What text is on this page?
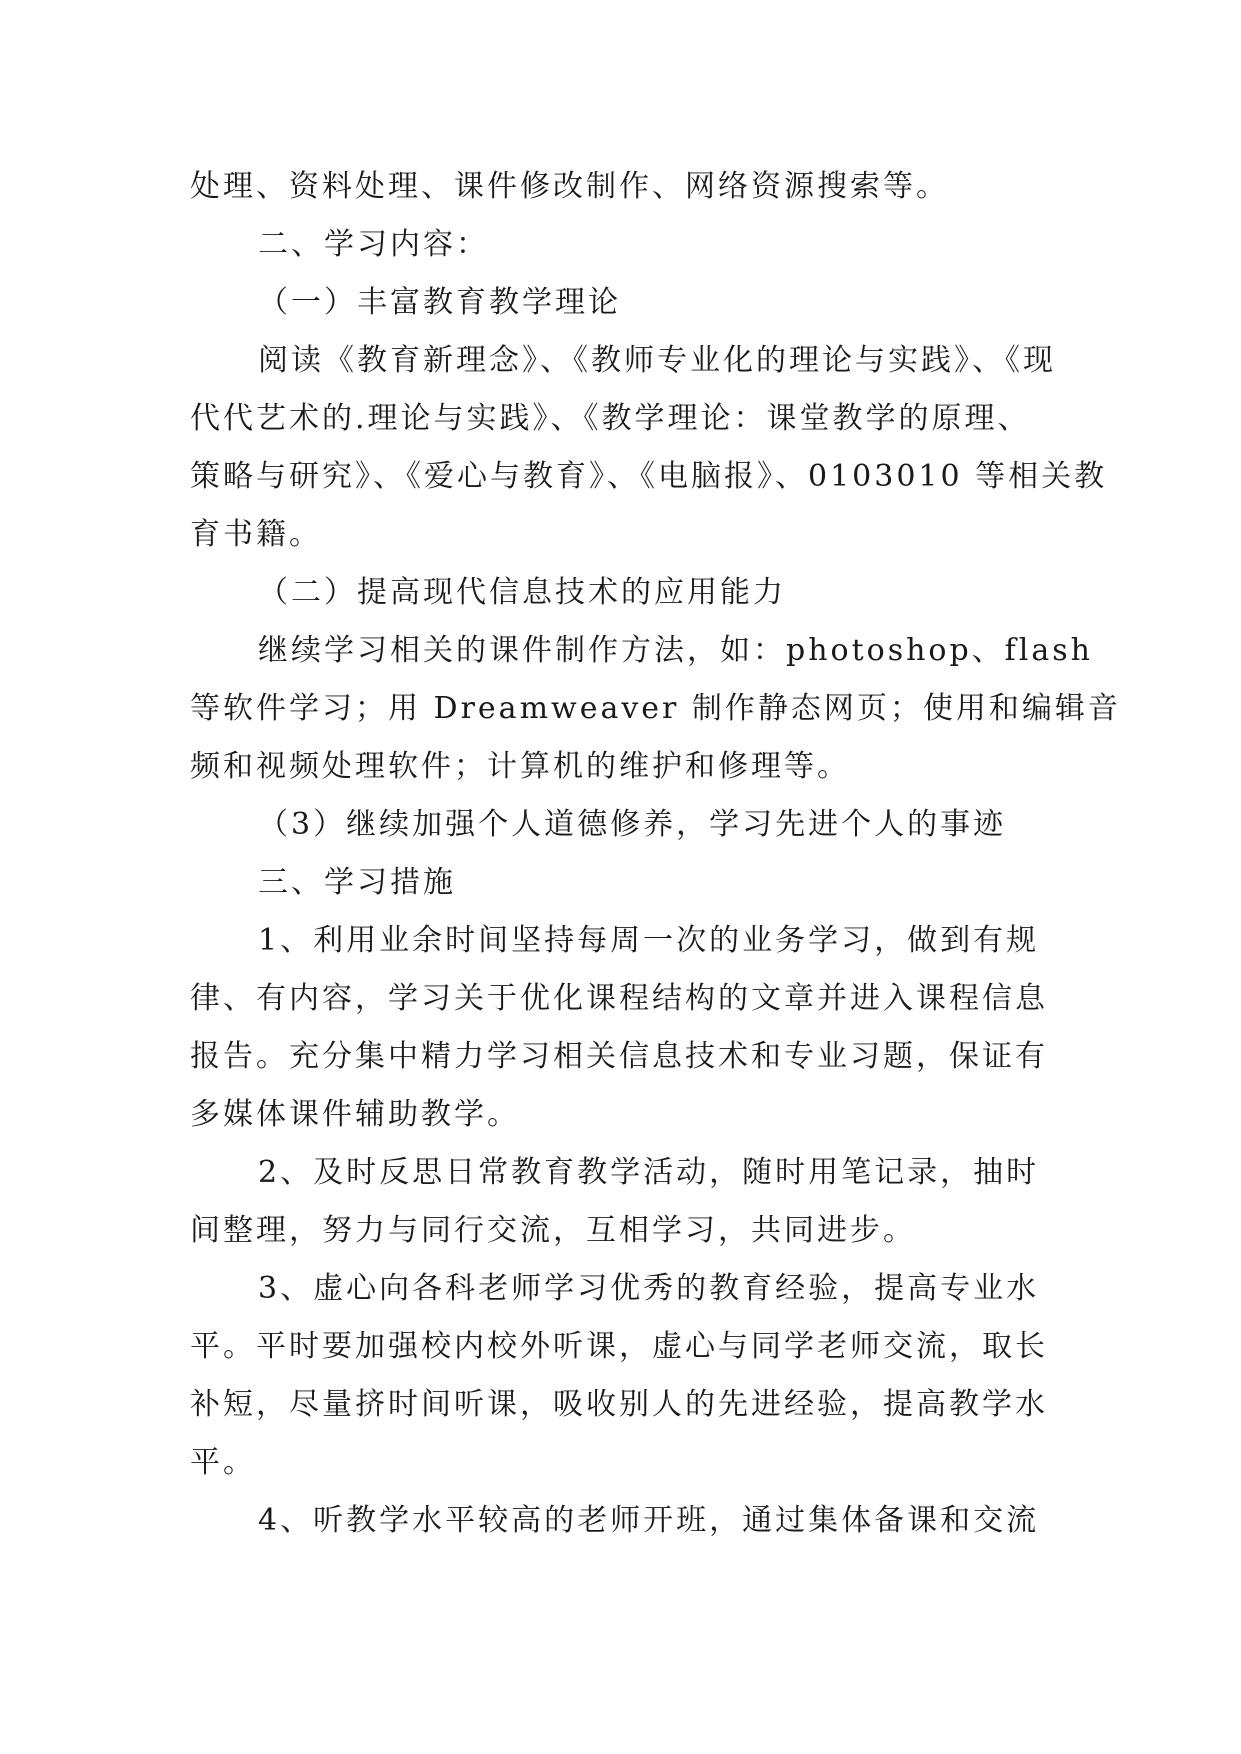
处理、资料处理、课件修改制作、网络资源搜索等。
二、学习内容：
（一）丰富教育教学理论
阅读《教育新理念》、《教师专业化的理论与实践》、《现
代代艺术的.理论与实践》、《教学理论：课堂教学的原理、
策略与研究》、《爱心与教育》、《电脑报》、0103010 等相关教
育书籍。
（二）提高现代信息技术的应用能力
继续学习相关的课件制作方法，如：photoshop、flash
等软件学习；用 Dreamweaver 制作静态网页；使用和编辑音
频和视频处理软件；计算机的维护和修理等。
（3）继续加强个人道德修养，学习先进个人的事迹
三、学习措施
1、利用业余时间坚持每周一次的业务学习，做到有规
律、有内容，学习关于优化课程结构的文章并进入课程信息
报告。充分集中精力学习相关信息技术和专业习题，保证有
多媒体课件辅助教学。
2、及时反思日常教育教学活动，随时用笔记录，抽时
间整理，努力与同行交流，互相学习，共同进步。
3、虚心向各科老师学习优秀的教育经验，提高专业水
平。平时要加强校内校外听课，虚心与同学老师交流，取长
补短，尽量挤时间听课，吸收别人的先进经验，提高教学水
平。
4、听教学水平较高的老师开班，通过集体备课和交流
